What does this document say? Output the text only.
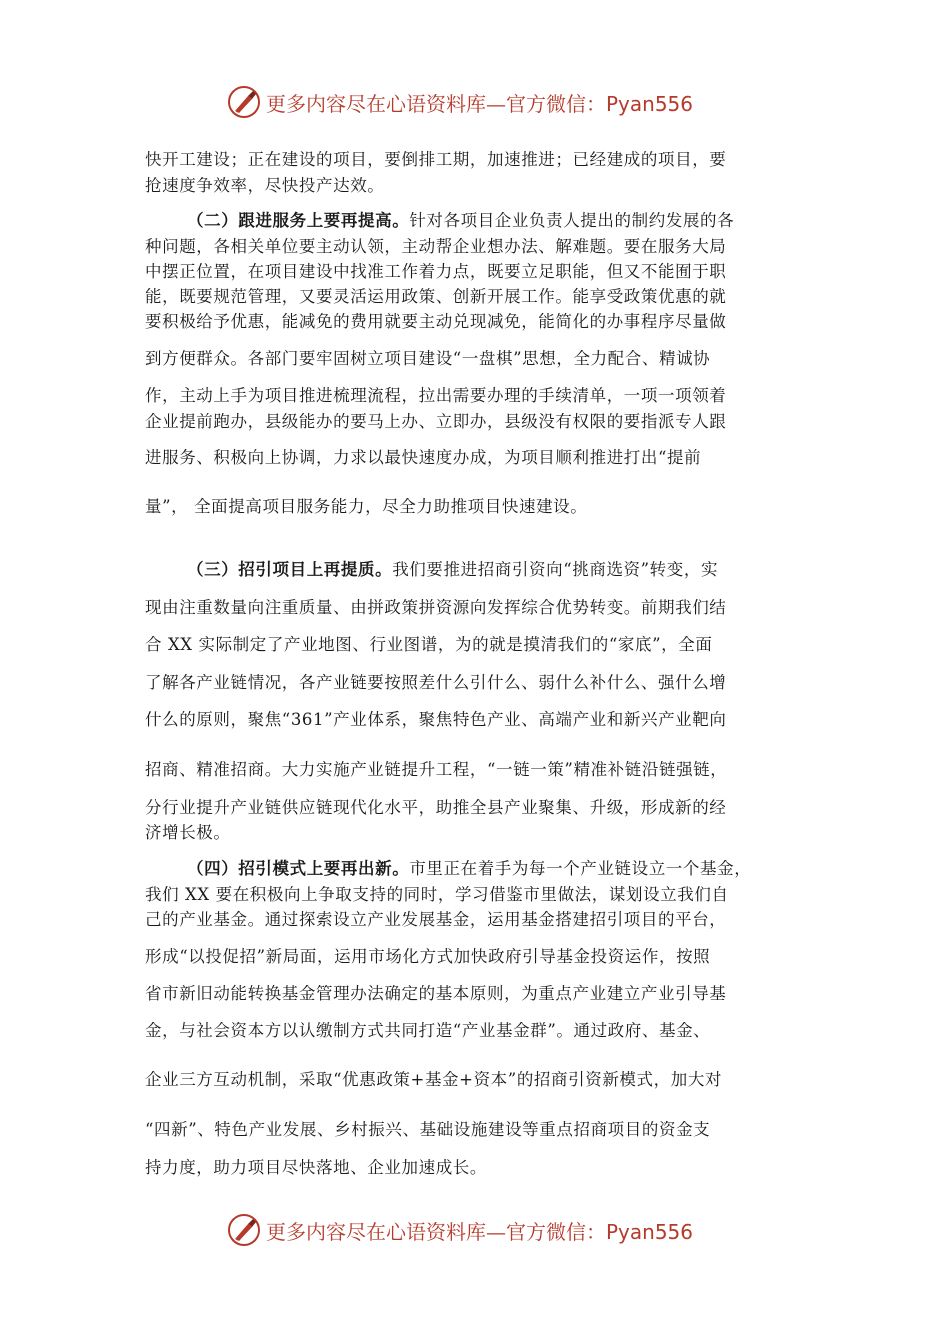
更多内容尽在心语资料库—官方微信：Pyan556
快开工建设；正在建设的项目，要倒排工期，加速推进；已经建成的项目，要
抢速度争效率，尽快投产达效。
（二）跟进服务上要再提高。针对各项目企业负责人提出的制约发展的各
种问题，各相关单位要主动认领，主动帮企业想办法、解难题。要在服务大局
中摆正位置，在项目建设中找准工作着力点，既要立足职能，但又不能囿于职
能，既要规范管理，又要灵活运用政策、创新开展工作。能享受政策优惠的就
要积极给予优惠，能减免的费用就要主动兑现减免，能简化的办事程序尽量做
到方便群众。各部门要牢固树立项目建设“一盘棋”思想，全力配合、精诚协
作，主动上手为项目推进梳理流程，拉出需要办理的手续清单，一项一项领着
企业提前跑办，县级能办的要马上办、立即办，县级没有权限的要指派专人跟
进服务、积极向上协调，力求以最快速度办成，为项目顺利推进打出“提前
量”， 全面提高项目服务能力，尽全力助推项目快速建设。
（三）招引项目上再提质。我们要推进招商引资向“挑商选资”转变，实
现由注重数量向注重质量、由拼政策拼资源向发挥综合优势转变。前期我们结
合 XX 实际制定了产业地图、行业图谱，为的就是摸清我们的“家底”，全面
了解各产业链情况，各产业链要按照差什么引什么、弱什么补什么、强什么增
什么的原则，聚焦“361”产业体系，聚焦特色产业、高端产业和新兴产业靶向
招商、精准招商。大力实施产业链提升工程，“一链一策”精准补链沿链强链，
分行业提升产业链供应链现代化水平，助推全县产业聚集、升级，形成新的经
济增长极。
（四）招引模式上要再出新。市里正在着手为每一个产业链设立一个基金，
我们 XX 要在积极向上争取支持的同时，学习借鉴市里做法，谋划设立我们自
己的产业基金。通过探索设立产业发展基金，运用基金搭建招引项目的平台，
形成“以投促招”新局面，运用市场化方式加快政府引导基金投资运作，按照
省市新旧动能转换基金管理办法确定的基本原则，为重点产业建立产业引导基
金，与社会资本方以认缴制方式共同打造“产业基金群”。通过政府、基金、
企业三方互动机制，采取“优惠政策+基金+资本”的招商引资新模式，加大对
“四新”、特色产业发展、乡村振兴、基础设施建设等重点招商项目的资金支
持力度，助力项目尽快落地、企业加速成长。
更多内容尽在心语资料库—官方微信：Pyan556
